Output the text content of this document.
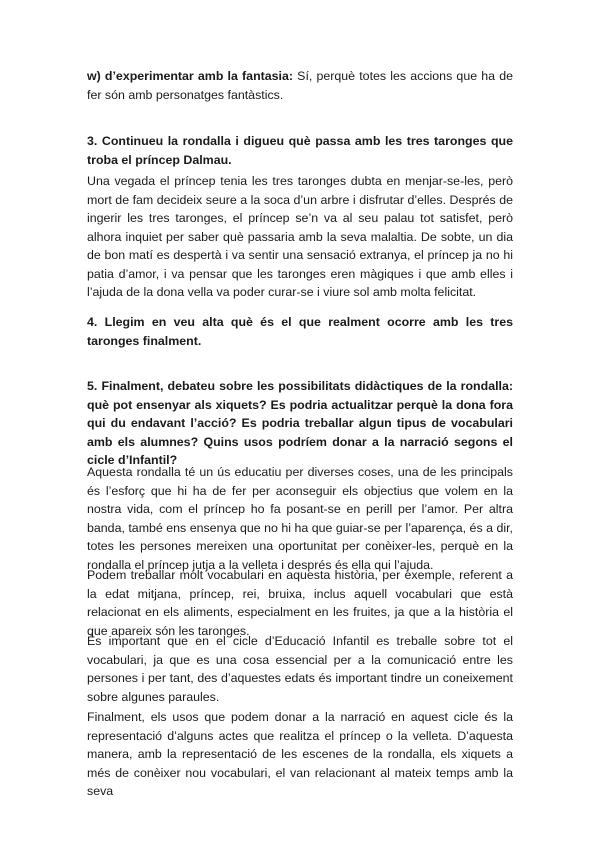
w) d’experimentar amb la fantasia: Sí, perquè totes les accions que ha de fer són amb personatges fantàstics.

3. Continueu la rondalla i digueu què passa amb les tres taronges que troba el príncep Dalmau.

Una vegada el príncep tenia les tres taronges dubta en menjar-se-les, però mort de fam decideix seure a la soca d’un arbre i disfrutar d’elles. Després de ingerir les tres taronges, el príncep se’n va al seu palau tot satisfet, però alhora inquiet per saber què passaria amb la seva malaltia. De sobte, un dia de bon matí es despertà i va sentir una sensació extranya, el príncep ja no hi patia d’amor, i va pensar que les taronges eren màgiques i que amb elles i l’ajuda de la dona vella va poder curar-se i viure sol amb molta felicitat.

4. Llegim en veu alta què és el que realment ocorre amb les tres taronges finalment.

5. Finalment, debateu sobre les possibilitats didàctiques de la rondalla: què pot ensenyar als xiquets? Es podria actualitzar perquè la dona fora qui du endavant l’acció? Es podria treballar algun tipus de vocabulari amb els alumnes? Quins usos podríem donar a la narració segons el cicle d’Infantil?

Aquesta rondalla té un ús educatiu per diverses coses, una de les principals és l’esforç que hi ha de fer per aconseguir els objectius que volem en la nostra vida, com el príncep ho fa posant-se en perill per l’amor. Per altra banda, també ens ensenya que no hi ha que guiar-se per l’aparença, és a dir, totes les persones mereixen una oportunitat per conèixer-les, perquè en la rondalla el príncep jutja a la velleta i després és ella qui l’ajuda.

Podem treballar molt vocabulari en aquesta història, per exemple, referent a la edat mitjana, príncep, rei, bruixa, inclus aquell vocabulari que està relacionat en els aliments, especialment en les fruites, ja que a la història el que apareix són les taronges.

És important que en el cicle d’Educació Infantil es treballe sobre tot el vocabulari, ja que es una cosa essencial per a la comunicació entre les persones i per tant, des d’aquestes edats és important tindre un coneixement sobre algunes paraules.

Finalment, els usos que podem donar a la narració en aquest cicle és la representació d’alguns actes que realitza el príncep o la velleta. D’aquesta manera, amb la representació de les escenes de la rondalla, els xiquets a més de conèixer nou vocabulari, el van relacionant al mateix temps amb la seva
